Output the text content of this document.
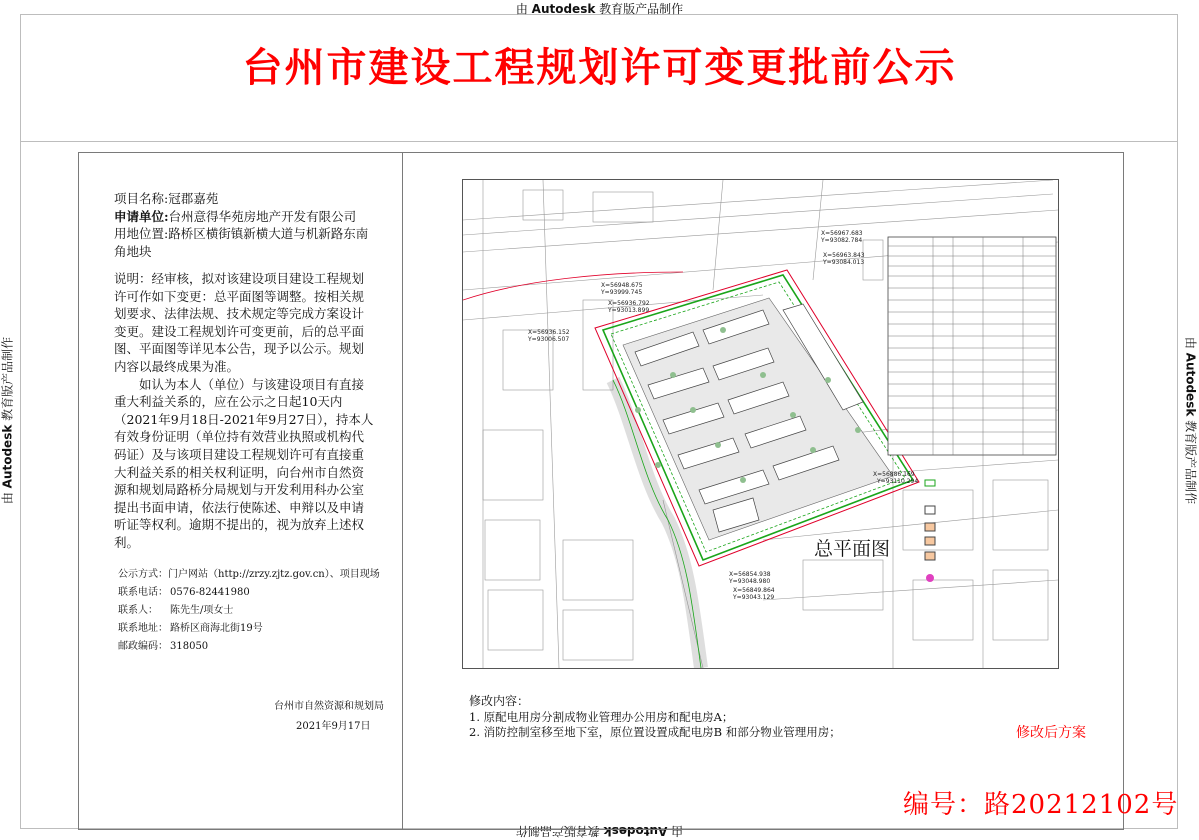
由 Autodesk 教育版产品制作
由 Autodesk 教育版产品制作
由 Autodesk 教育版产品制作	由 Autodesk 教育版产品制作
台州市建设工程规划许可变更批前公示

项目名称:冠郡嘉苑

申请单位:台州意得华苑房地产开发有限公司

用地位置:路桥区横街镇新横大道与机新路东南角地块

说明：经审核，拟对该建设项目建设工程规划许可作如下变更：总平面图等调整。按相关规划要求、法律法规、技术规定等完成方案设计变更。建设工程规划许可变更前，后的总平面图、平面图等详见本公告，现予以公示。规划内容以最终成果为准。

如认为本人（单位）与该建设项目有直接重大利益关系的，应在公示之日起10天内（2021年9月18日-2021年9月27日），持本人有效身份证明（单位持有效营业执照或机构代码证）及与该项目建设工程规划许可有直接重大利益关系的相关权利证明，向台州市自然资源和规划局路桥分局规划与开发利用科办公室提出书面申请，依法行使陈述、申辩以及申请听证等权利。逾期不提出的，视为放弃上述权利。

公示方式： 门户网站（http://zrzy.zjtz.gov.cn）、项目现场
联系电话： 0576-82441980
联系人：	陈先生/项女士
联系地址： 路桥区商海北街19号
邮政编码： 318050
台州市自然资源和规划局
2021年9月17日
X=56967.683
Y=93082.784
X=56963.843
Y=93084.013
X=56948.675
Y=93999.745
X=56936.792
Y=93013.899
X=56936.152
Y=93006.507
X=56886.169
Y=93110.294
X=56854.938
Y=93048.980
X=56849.864
Y=93043.129
总平面图
修改内容：
1. 原配电用房分割成物业管理办公用房和配电房A；
2. 消防控制室移至地下室，原位置设置成配电房B 和部分物业管理用房；	修改后方案
编号：路20212102号
